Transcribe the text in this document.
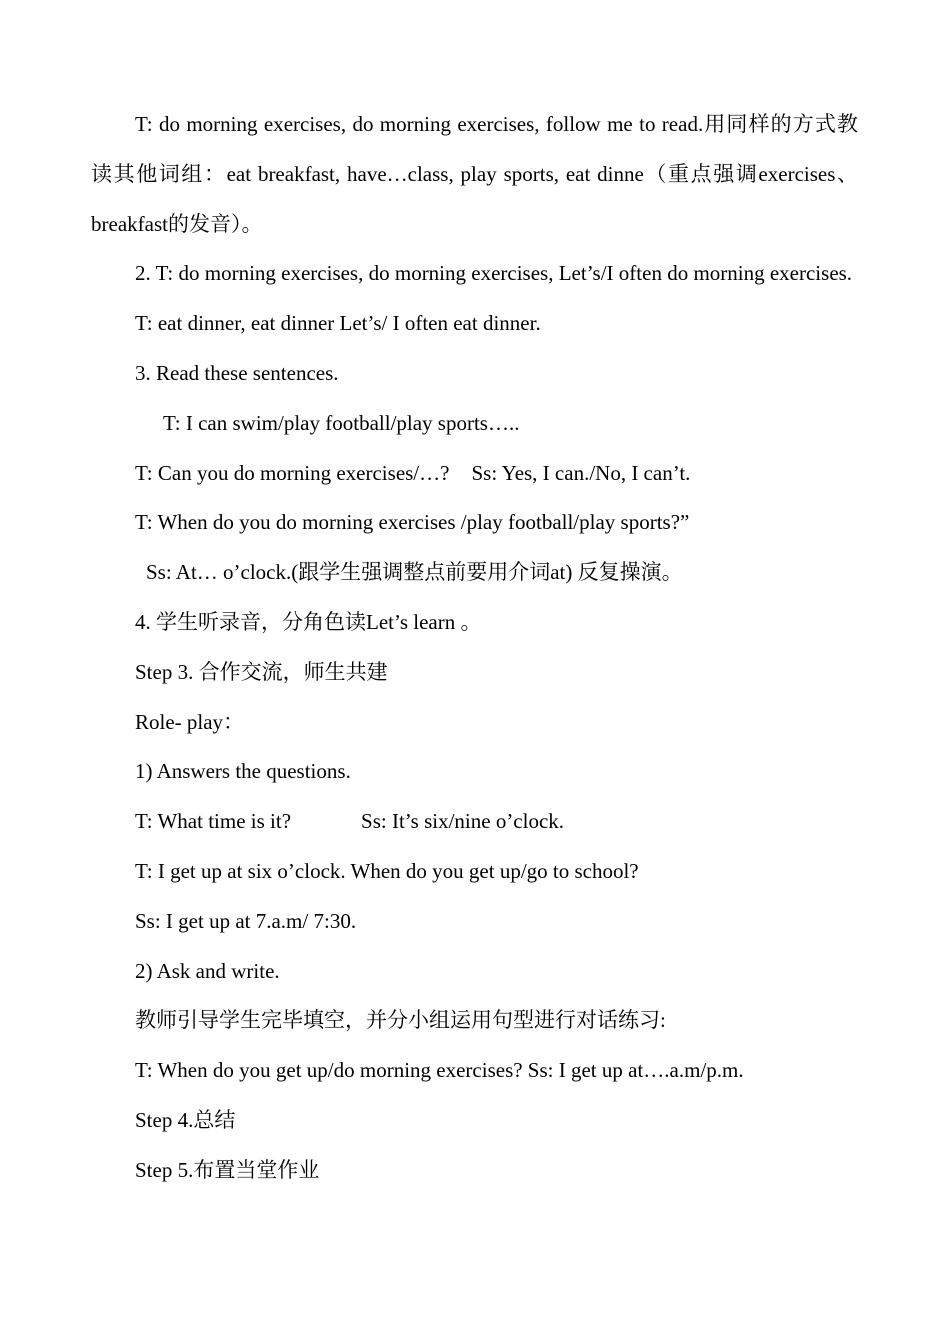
T: do morning exercises, do morning exercises, follow me to read.用同样的方式教读其他词组：eat breakfast, have…class, play sports, eat dinne（重点强调exercises、breakfast的发音）。

2. T: do morning exercises, do morning exercises, Let’s/I often do morning exercises.

T: eat dinner, eat dinner Let’s/ I often eat dinner.

3. Read these sentences.

T: I can swim/play football/play sports…..

T: Can you do morning exercises/…? Ss: Yes, I can./No, I can’t.

T: When do you do morning exercises /play football/play sports?”

Ss: At… o’clock.(跟学生强调整点前要用介词at) 反复操演。

4. 学生听录音，分角色读Let’s learn 。

Step 3. 合作交流，师生共建

Role- play：

1) Answers the questions.

T: What time is it?	Ss: It’s six/nine o’clock.

T: I get up at six o’clock. When do you get up/go to school?

Ss: I get up at 7.a.m/ 7:30.

2) Ask and write.

教师引导学生完毕填空，并分小组运用句型进行对话练习:

T: When do you get up/do morning exercises? Ss: I get up at….a.m/p.m.

Step 4.总结

Step 5.布置当堂作业
